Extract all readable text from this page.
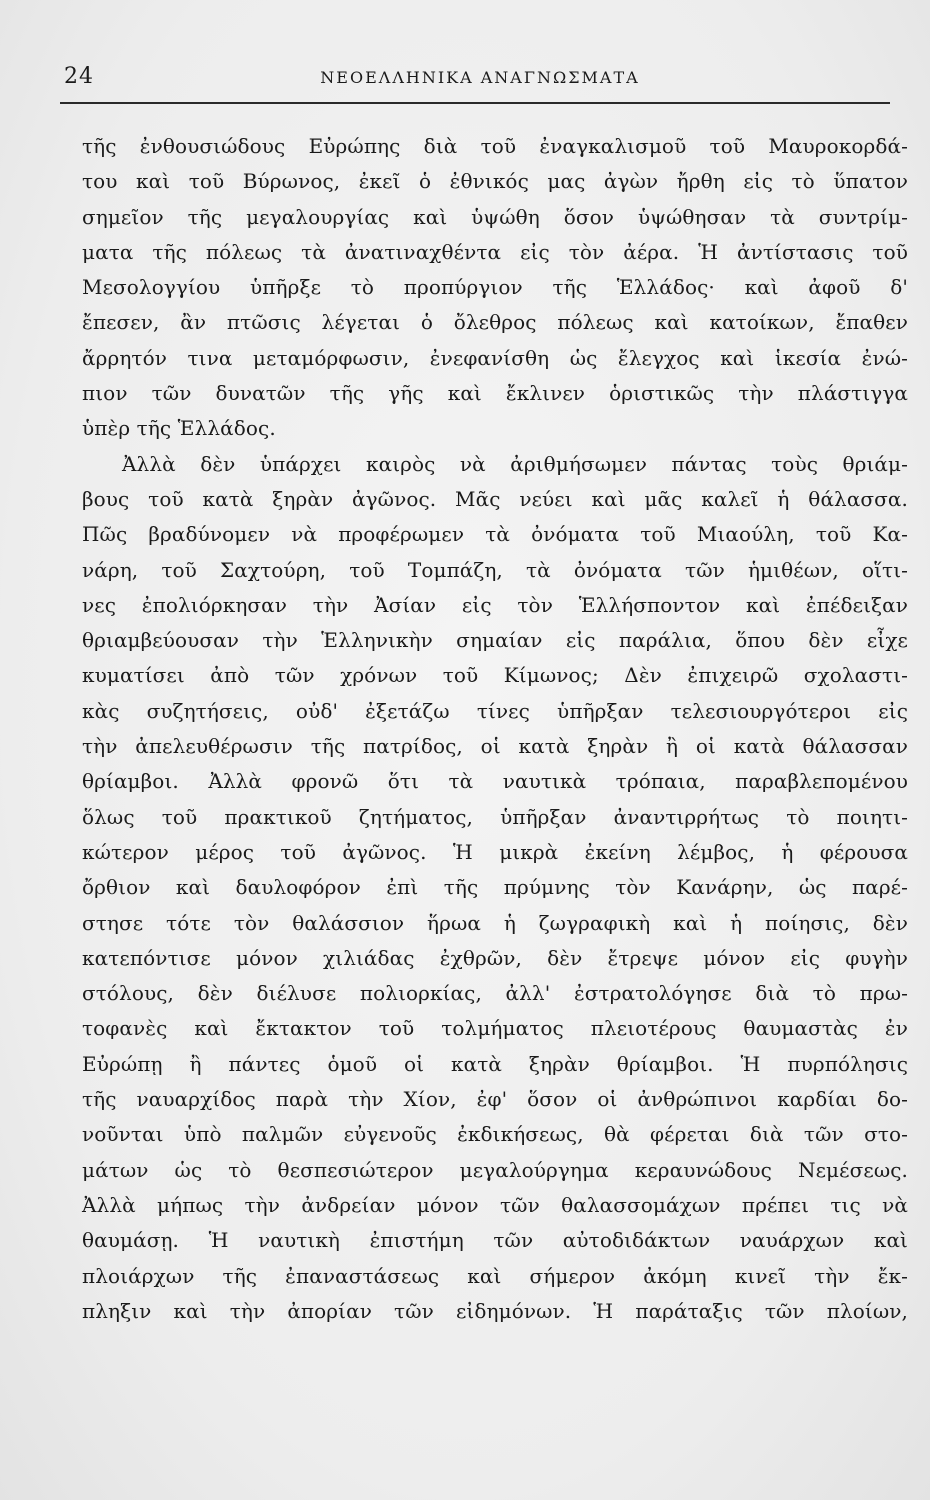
24	ΝΕΟΕΛΛΗΝΙΚΑ ΑΝΑΓΝΩΣΜΑΤΑ
τῆς ἐνθουσιώδους Εὐρώπης διὰ τοῦ ἐναγκαλισμοῦ τοῦ Μαυροκορδά-
του καὶ τοῦ Βύρωνος, ἐκεῖ ὁ ἐθνικός μας ἀγὼν ἤρθη εἰς τὸ ὕπατον
σημεῖον τῆς μεγαλουργίας καὶ ὑψώθη ὅσον ὑψώθησαν τὰ συντρίμ-
ματα τῆς πόλεως τὰ ἀνατιναχθέντα εἰς τὸν ἀέρα. Ἡ ἀντίστασις τοῦ
Μεσολογγίου ὑπῆρξε τὸ προπύργιον τῆς Ἑλλάδος· καὶ ἀφοῦ δ'
ἔπεσεν, ἂν πτῶσις λέγεται ὁ ὄλεθρος πόλεως καὶ κατοίκων, ἔπαθεν
ἄρρητόν τινα μεταμόρφωσιν, ἐνεφανίσθη ὡς ἔλεγχος καὶ ἱκεσία ἐνώ-
πιον τῶν δυνατῶν τῆς γῆς καὶ ἔκλινεν ὁριστικῶς τὴν πλάστιγγα
ὑπὲρ τῆς Ἑλλάδος.
Ἀλλὰ δὲν ὑπάρχει καιρὸς νὰ ἀριθμήσωμεν πάντας τοὺς θριάμ-
βους τοῦ κατὰ ξηρὰν ἀγῶνος. Μᾶς νεύει καὶ μᾶς καλεῖ ἡ θάλασσα.
Πῶς βραδύνομεν νὰ προφέρωμεν τὰ ὀνόματα τοῦ Μιαούλη, τοῦ Κα-
νάρη, τοῦ Σαχτούρη, τοῦ Τομπάζη, τὰ ὀνόματα τῶν ἡμιθέων, οἵτι-
νες ἐπολιόρκησαν τὴν Ἀσίαν εἰς τὸν Ἑλλήσποντον καὶ ἐπέδειξαν
θριαμβεύουσαν τὴν Ἑλληνικὴν σημαίαν εἰς παράλια, ὅπου δὲν εἶχε
κυματίσει ἀπὸ τῶν χρόνων τοῦ Κίμωνος; Δὲν ἐπιχειρῶ σχολαστι-
κὰς συζητήσεις, οὐδ' ἐξετάζω τίνες ὑπῆρξαν τελεσιουργότεροι εἰς
τὴν ἀπελευθέρωσιν τῆς πατρίδος, οἱ κατὰ ξηρὰν ἢ οἱ κατὰ θάλασσαν
θρίαμβοι. Ἀλλὰ φρονῶ ὅτι τὰ ναυτικὰ τρόπαια, παραβλεπομένου
ὅλως τοῦ πρακτικοῦ ζητήματος, ὑπῆρξαν ἀναντιρρήτως τὸ ποιητι-
κώτερον μέρος τοῦ ἀγῶνος. Ἡ μικρὰ ἐκείνη λέμβος, ἡ φέρουσα
ὄρθιον καὶ δαυλοφόρον ἐπὶ τῆς πρύμνης τὸν Κανάρην, ὡς παρέ-
στησε τότε τὸν θαλάσσιον ἥρωα ἡ ζωγραφικὴ καὶ ἡ ποίησις, δὲν
κατεπόντισε μόνον χιλιάδας ἐχθρῶν, δὲν ἔτρεψε μόνον εἰς φυγὴν
στόλους, δὲν διέλυσε πολιορκίας, ἀλλ' ἐστρατολόγησε διὰ τὸ πρω-
τοφανὲς καὶ ἔκτακτον τοῦ τολμήματος πλειοτέρους θαυμαστὰς ἐν
Εὐρώπῃ ἢ πάντες ὁμοῦ οἱ κατὰ ξηρὰν θρίαμβοι. Ἡ πυρπόλησις
τῆς ναυαρχίδος παρὰ τὴν Χίον, ἐφ' ὅσον οἱ ἀνθρώπινοι καρδίαι δο-
νοῦνται ὑπὸ παλμῶν εὐγενοῦς ἐκδικήσεως, θὰ φέρεται διὰ τῶν στο-
μάτων ὡς τὸ θεσπεσιώτερον μεγαλούργημα κεραυνώδους Νεμέσεως.
Ἀλλὰ μήπως τὴν ἀνδρείαν μόνον τῶν θαλασσομάχων πρέπει τις νὰ
θαυμάσῃ. Ἡ ναυτικὴ ἐπιστήμη τῶν αὐτοδιδάκτων ναυάρχων καὶ
πλοιάρχων τῆς ἐπαναστάσεως καὶ σήμερον ἀκόμη κινεῖ τὴν ἔκ-
πληξιν καὶ τὴν ἀπορίαν τῶν εἰδημόνων. Ἡ παράταξις τῶν πλοίων,
